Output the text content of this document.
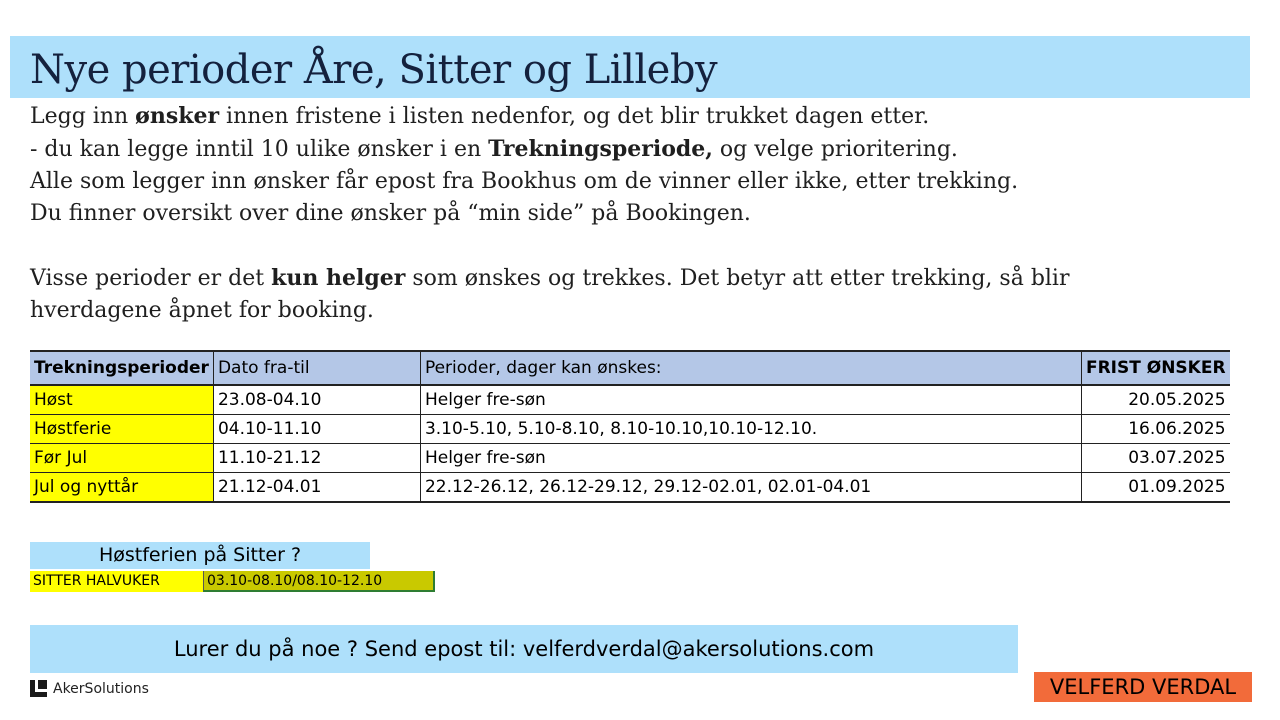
Nye perioder Åre, Sitter og Lilleby

Legg inn ønsker innen fristene i listen nedenfor, og det blir trukket dagen etter.

- du kan legge inntil 10 ulike ønsker i en Trekningsperiode, og velge prioritering.

Alle som legger inn ønsker får epost fra Bookhus om de vinner eller ikke, etter trekking.

Du finner oversikt over dine ønsker på “min side” på Bookingen.

Visse perioder er det kun helger som ønskes og trekkes. Det betyr att etter trekking, så blir

hverdagene åpnet for booking.

Trekningsperioder	Dato fra-til	Perioder, dager kan ønskes:	FRIST ØNSKER
Høst	23.08-04.10	Helger fre-søn	20.05.2025
Høstferie	04.10-11.10	3.10-5.10, 5.10-8.10, 8.10-10.10,10.10-12.10.	16.06.2025
Før Jul	11.10-21.12	Helger fre-søn	03.07.2025
Jul og nyttår	21.12-04.01	22.12-26.12, 26.12-29.12, 29.12-02.01, 02.01-04.01	01.09.2025
Høstferien på Sitter ?
SITTER HALVUKER	03.10-08.10/08.10-12.10
Lurer du på noe ? Send epost til: velferdverdal@akersolutions.com
AkerSolutions	VELFERD VERDAL
